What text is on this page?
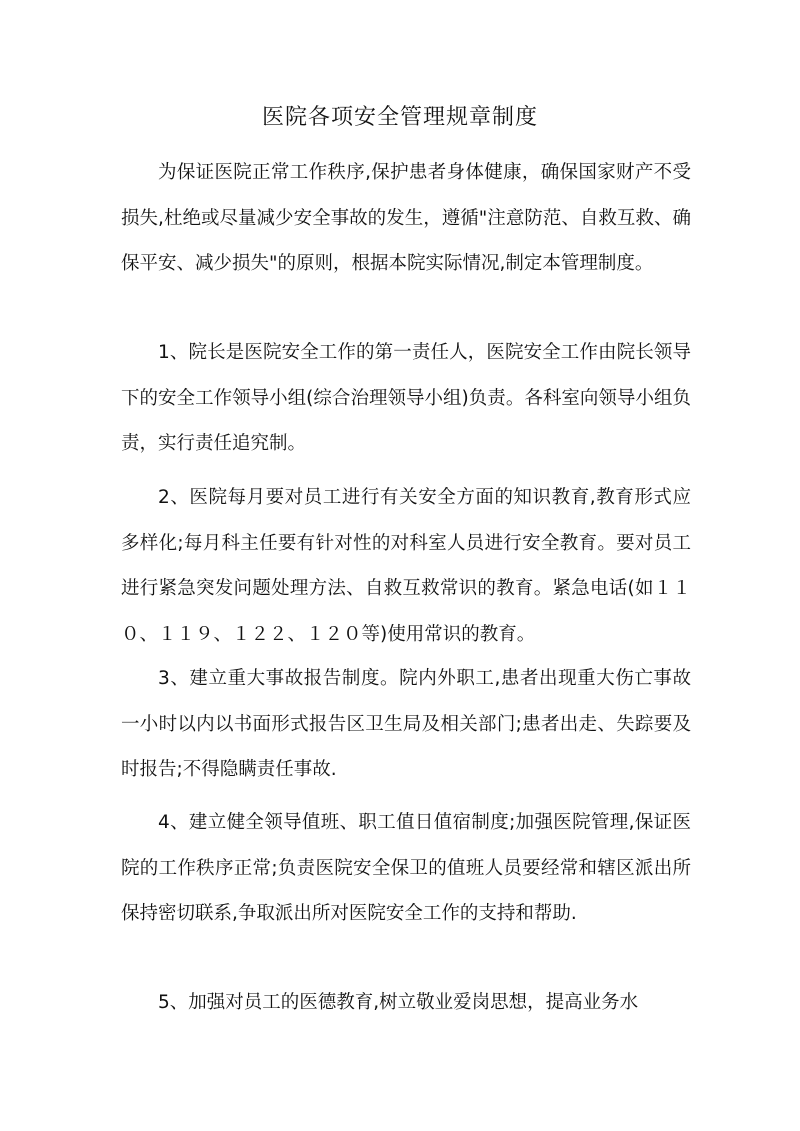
医院各项安全管理规章制度

为保证医院正常工作秩序,保护患者身体健康，确保国家财产不受损失,杜绝或尽量减少安全事故的发生，遵循"注意防范、自救互救、确保平安、减少损失"的原则，根据本院实际情况,制定本管理制度。

1、院长是医院安全工作的第一责任人，医院安全工作由院长领导下的安全工作领导小组(综合治理领导小组)负责。各科室向领导小组负责，实行责任追究制。

2、医院每月要对员工进行有关安全方面的知识教育,教育形式应多样化;每月科主任要有针对性的对科室人员进行安全教育。要对员工进行紧急突发问题处理方法、自救互救常识的教育。紧急电话(如１１０、１１９、１２２、１２０等)使用常识的教育。

3、建立重大事故报告制度。院内外职工,患者出现重大伤亡事故一小时以内以书面形式报告区卫生局及相关部门;患者出走、失踪要及时报告;不得隐瞒责任事故.

4、建立健全领导值班、职工值日值宿制度;加强医院管理,保证医院的工作秩序正常;负责医院安全保卫的值班人员要经常和辖区派出所保持密切联系,争取派出所对医院安全工作的支持和帮助.

5、加强对员工的医德教育,树立敬业爱岗思想，提高业务水
